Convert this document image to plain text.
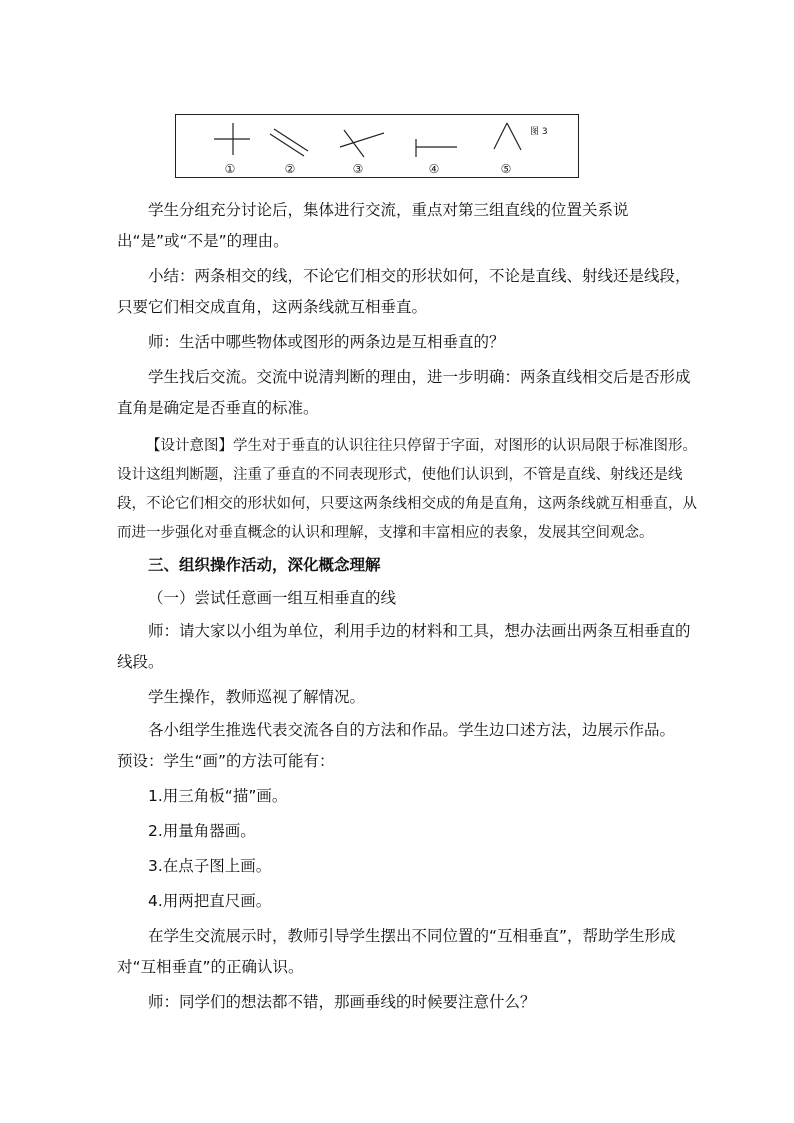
①	②	③	④	⑤
图 3

学生分组充分讨论后，集体进行交流，重点对第三组直线的位置关系说出“是”或“不是”的理由。

小结：两条相交的线，不论它们相交的形状如何，不论是直线、射线还是线段，只要它们相交成直角，这两条线就互相垂直。

师：生活中哪些物体或图形的两条边是互相垂直的？

学生找后交流。交流中说清判断的理由，进一步明确：两条直线相交后是否形成直角是确定是否垂直的标准。

【设计意图】学生对于垂直的认识往往只停留于字面，对图形的认识局限于标准图形。设计这组判断题，注重了垂直的不同表现形式，使他们认识到，不管是直线、射线还是线段，不论它们相交的形状如何，只要这两条线相交成的角是直角，这两条线就互相垂直，从而进一步强化对垂直概念的认识和理解，支撑和丰富相应的表象，发展其空间观念。

三、组织操作活动，深化概念理解

（一）尝试任意画一组互相垂直的线

师：请大家以小组为单位，利用手边的材料和工具，想办法画出两条互相垂直的线段。

学生操作，教师巡视了解情况。

各小组学生推选代表交流各自的方法和作品。学生边口述方法，边展示作品。

预设：学生“画”的方法可能有：

1.用三角板“描”画。

2.用量角器画。

3.在点子图上画。

4.用两把直尺画。

在学生交流展示时，教师引导学生摆出不同位置的“互相垂直”，帮助学生形成对“互相垂直”的正确认识。

师：同学们的想法都不错，那画垂线的时候要注意什么？
